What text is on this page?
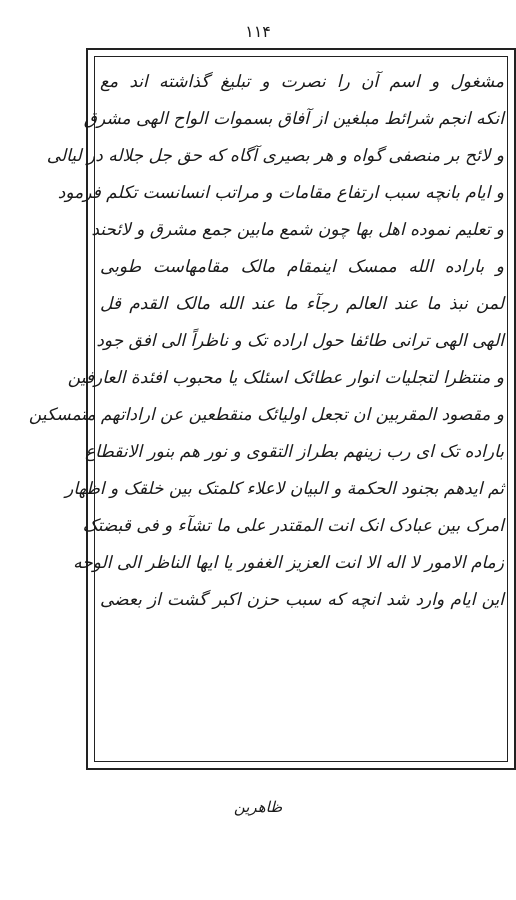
۱۱۴
مشغول و اسم آن را نصرت و تبلیغ گذاشته اند مع
انکه انجم شرائط مبلغین از آفاق بسموات الواح الهی مشرق
و لائح بر منصفی گواه و هر بصیری آگاه که حق جل جلاله در لیالی
و ایام بانچه سبب ارتفاع مقامات و مراتب انسانست تکلم فرمود
و تعلیم نموده اهل بها چون شمع مابین جمع مشرق و لائحند
و باراده الله ممسک اینمقام مالک مقامهاست طوبی
لمن نبذ ما عند العالم رجآء ما عند الله مالک القدم قل
الهی الهی ترانی طائفا حول اراده تک و ناظراً الی افق جود
و منتظرا لتجلیات انوار عطائک اسئلک یا محبوب افئدة العارفین
و مقصود المقربین ان تجعل اولیائک منقطعین عن اراداتهم متمسکین
باراده تک ای رب زینهم بطراز التقوی و نور هم بنور الانقطاع
ثم ایدهم بجنود الحکمة و البیان لاعلاء کلمتک بین خلقک و اظهار
امرک بین عبادک انک انت المقتدر علی ما تشآء و فی قبضتک
زمام الامور لا اله الا انت العزیز الغفور یا ایها الناظر الی الوجه
این ایام وارد شد انچه که سبب حزن اکبر گشت از بعضی
ظاهرین
